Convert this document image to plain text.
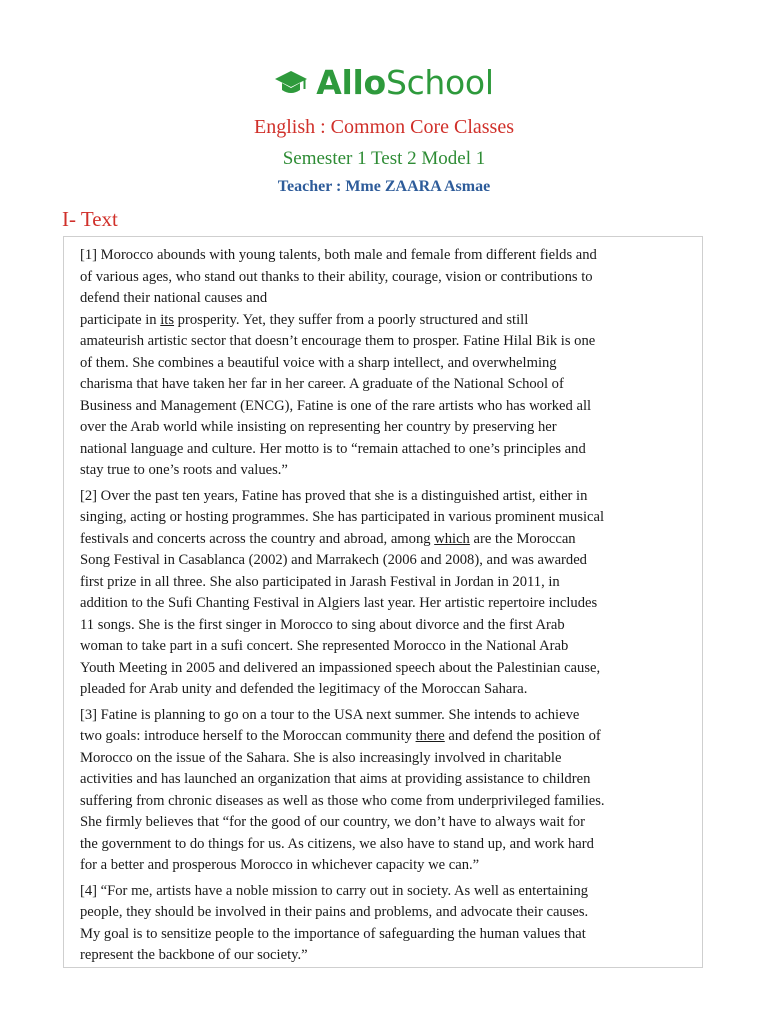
AlloSchool
English : Common Core Classes
Semester 1 Test 2 Model 1
Teacher : Mme ZAARA Asmae
I- Text

[1] Morocco abounds with young talents, both male and female from different fields and
of various ages, who stand out thanks to their ability, courage, vision or contributions to
defend their national causes and
participate in its prosperity. Yet, they suffer from a poorly structured and still
amateurish artistic sector that doesn’t encourage them to prosper. Fatine Hilal Bik is one
of them. She combines a beautiful voice with a sharp intellect, and overwhelming
charisma that have taken her far in her career. A graduate of the National School of
Business and Management (ENCG), Fatine is one of the rare artists who has worked all
over the Arab world while insisting on representing her country by preserving her
national language and culture. Her motto is to “remain attached to one’s principles and
stay true to one’s roots and values.”

[2] Over the past ten years, Fatine has proved that she is a distinguished artist, either in
singing, acting or hosting programmes. She has participated in various prominent musical
festivals and concerts across the country and abroad, among which are the Moroccan
Song Festival in Casablanca (2002) and Marrakech (2006 and 2008), and was awarded
first prize in all three. She also participated in Jarash Festival in Jordan in 2011, in
addition to the Sufi Chanting Festival in Algiers last year. Her artistic repertoire includes
11 songs. She is the first singer in Morocco to sing about divorce and the first Arab
woman to take part in a sufi concert. She represented Morocco in the National Arab
Youth Meeting in 2005 and delivered an impassioned speech about the Palestinian cause,
pleaded for Arab unity and defended the legitimacy of the Moroccan Sahara.

[3] Fatine is planning to go on a tour to the USA next summer. She intends to achieve
two goals: introduce herself to the Moroccan community there and defend the position of
Morocco on the issue of the Sahara. She is also increasingly involved in charitable
activities and has launched an organization that aims at providing assistance to children
suffering from chronic diseases as well as those who come from underprivileged families.
She firmly believes that “for the good of our country, we don’t have to always wait for
the government to do things for us. As citizens, we also have to stand up, and work hard
for a better and prosperous Morocco in whichever capacity we can.”

[4] “For me, artists have a noble mission to carry out in society. As well as entertaining
people, they should be involved in their pains and problems, and advocate their causes.
My goal is to sensitize people to the importance of safeguarding the human values that
represent the backbone of our society.”
